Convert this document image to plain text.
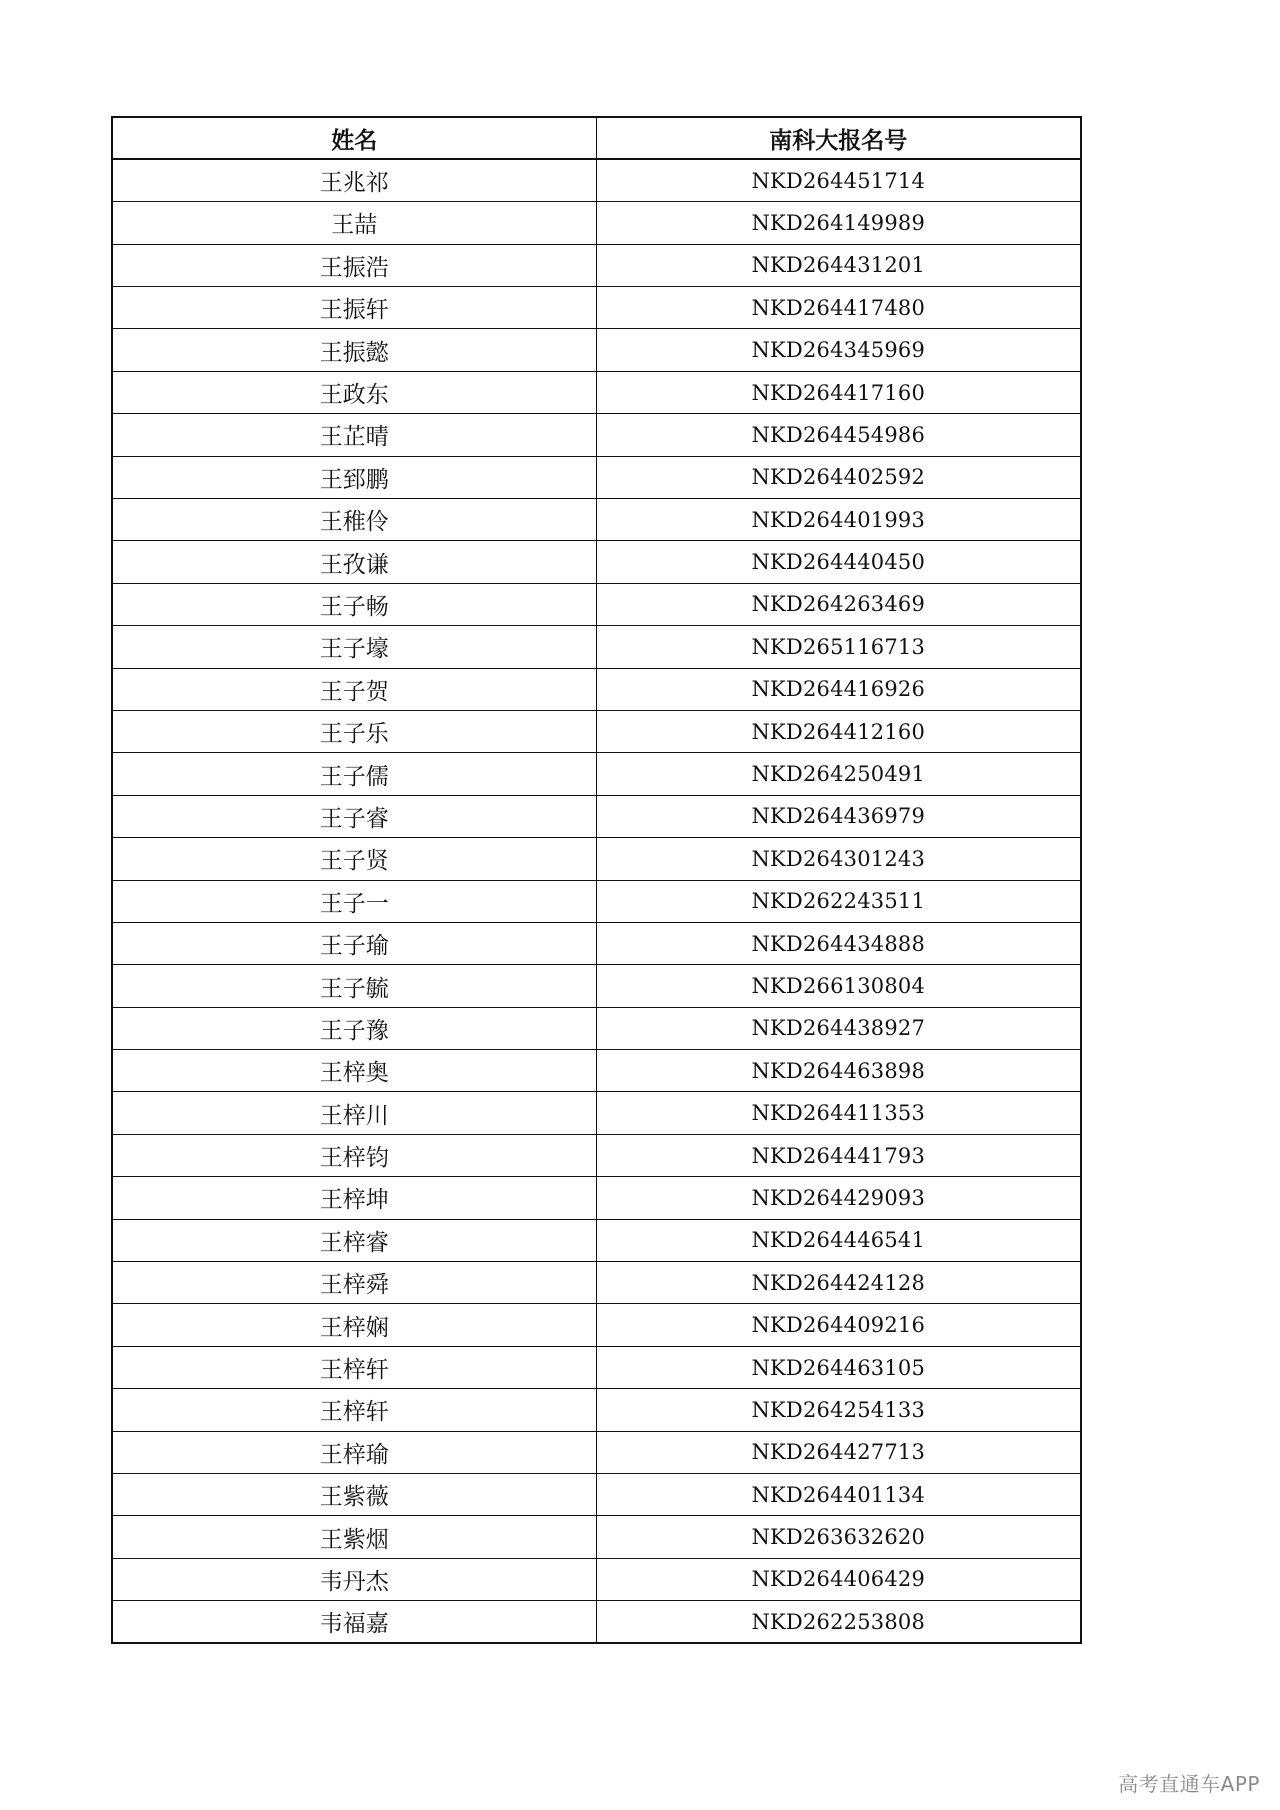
姓名	南科大报名号
王兆祁	NKD264451714
王喆	NKD264149989
王振浩	NKD264431201
王振轩	NKD264417480
王振懿	NKD264345969
王政东	NKD264417160
王芷晴	NKD264454986
王郅鹏	NKD264402592
王稚伶	NKD264401993
王孜谦	NKD264440450
王子畅	NKD264263469
王子壕	NKD265116713
王子贺	NKD264416926
王子乐	NKD264412160
王子儒	NKD264250491
王子睿	NKD264436979
王子贤	NKD264301243
王子一	NKD262243511
王子瑜	NKD264434888
王子毓	NKD266130804
王子豫	NKD264438927
王梓奥	NKD264463898
王梓川	NKD264411353
王梓钧	NKD264441793
王梓坤	NKD264429093
王梓睿	NKD264446541
王梓舜	NKD264424128
王梓娴	NKD264409216
王梓轩	NKD264463105
王梓轩	NKD264254133
王梓瑜	NKD264427713
王紫薇	NKD264401134
王紫烟	NKD263632620
韦丹杰	NKD264406429
韦福嘉	NKD262253808
高考直通车APP
